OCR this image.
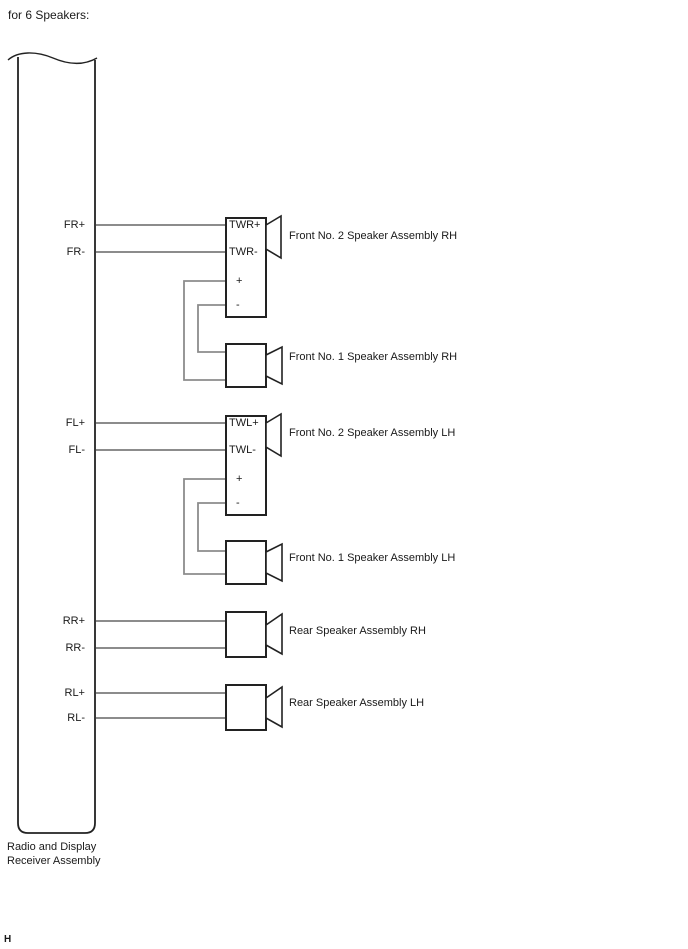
for 6 Speakers:
FR+
FR-
FL+
FL-
RR+
RR-
RL+
RL-
TWR+
TWR-
+
-
TWL+
TWL-
+
-
Front No. 2 Speaker Assembly RH
Front No. 1 Speaker Assembly RH
Front No. 2 Speaker Assembly LH
Front No. 1 Speaker Assembly LH
Rear Speaker Assembly RH
Rear Speaker Assembly LH
Radio and Display
Receiver Assembly
H
